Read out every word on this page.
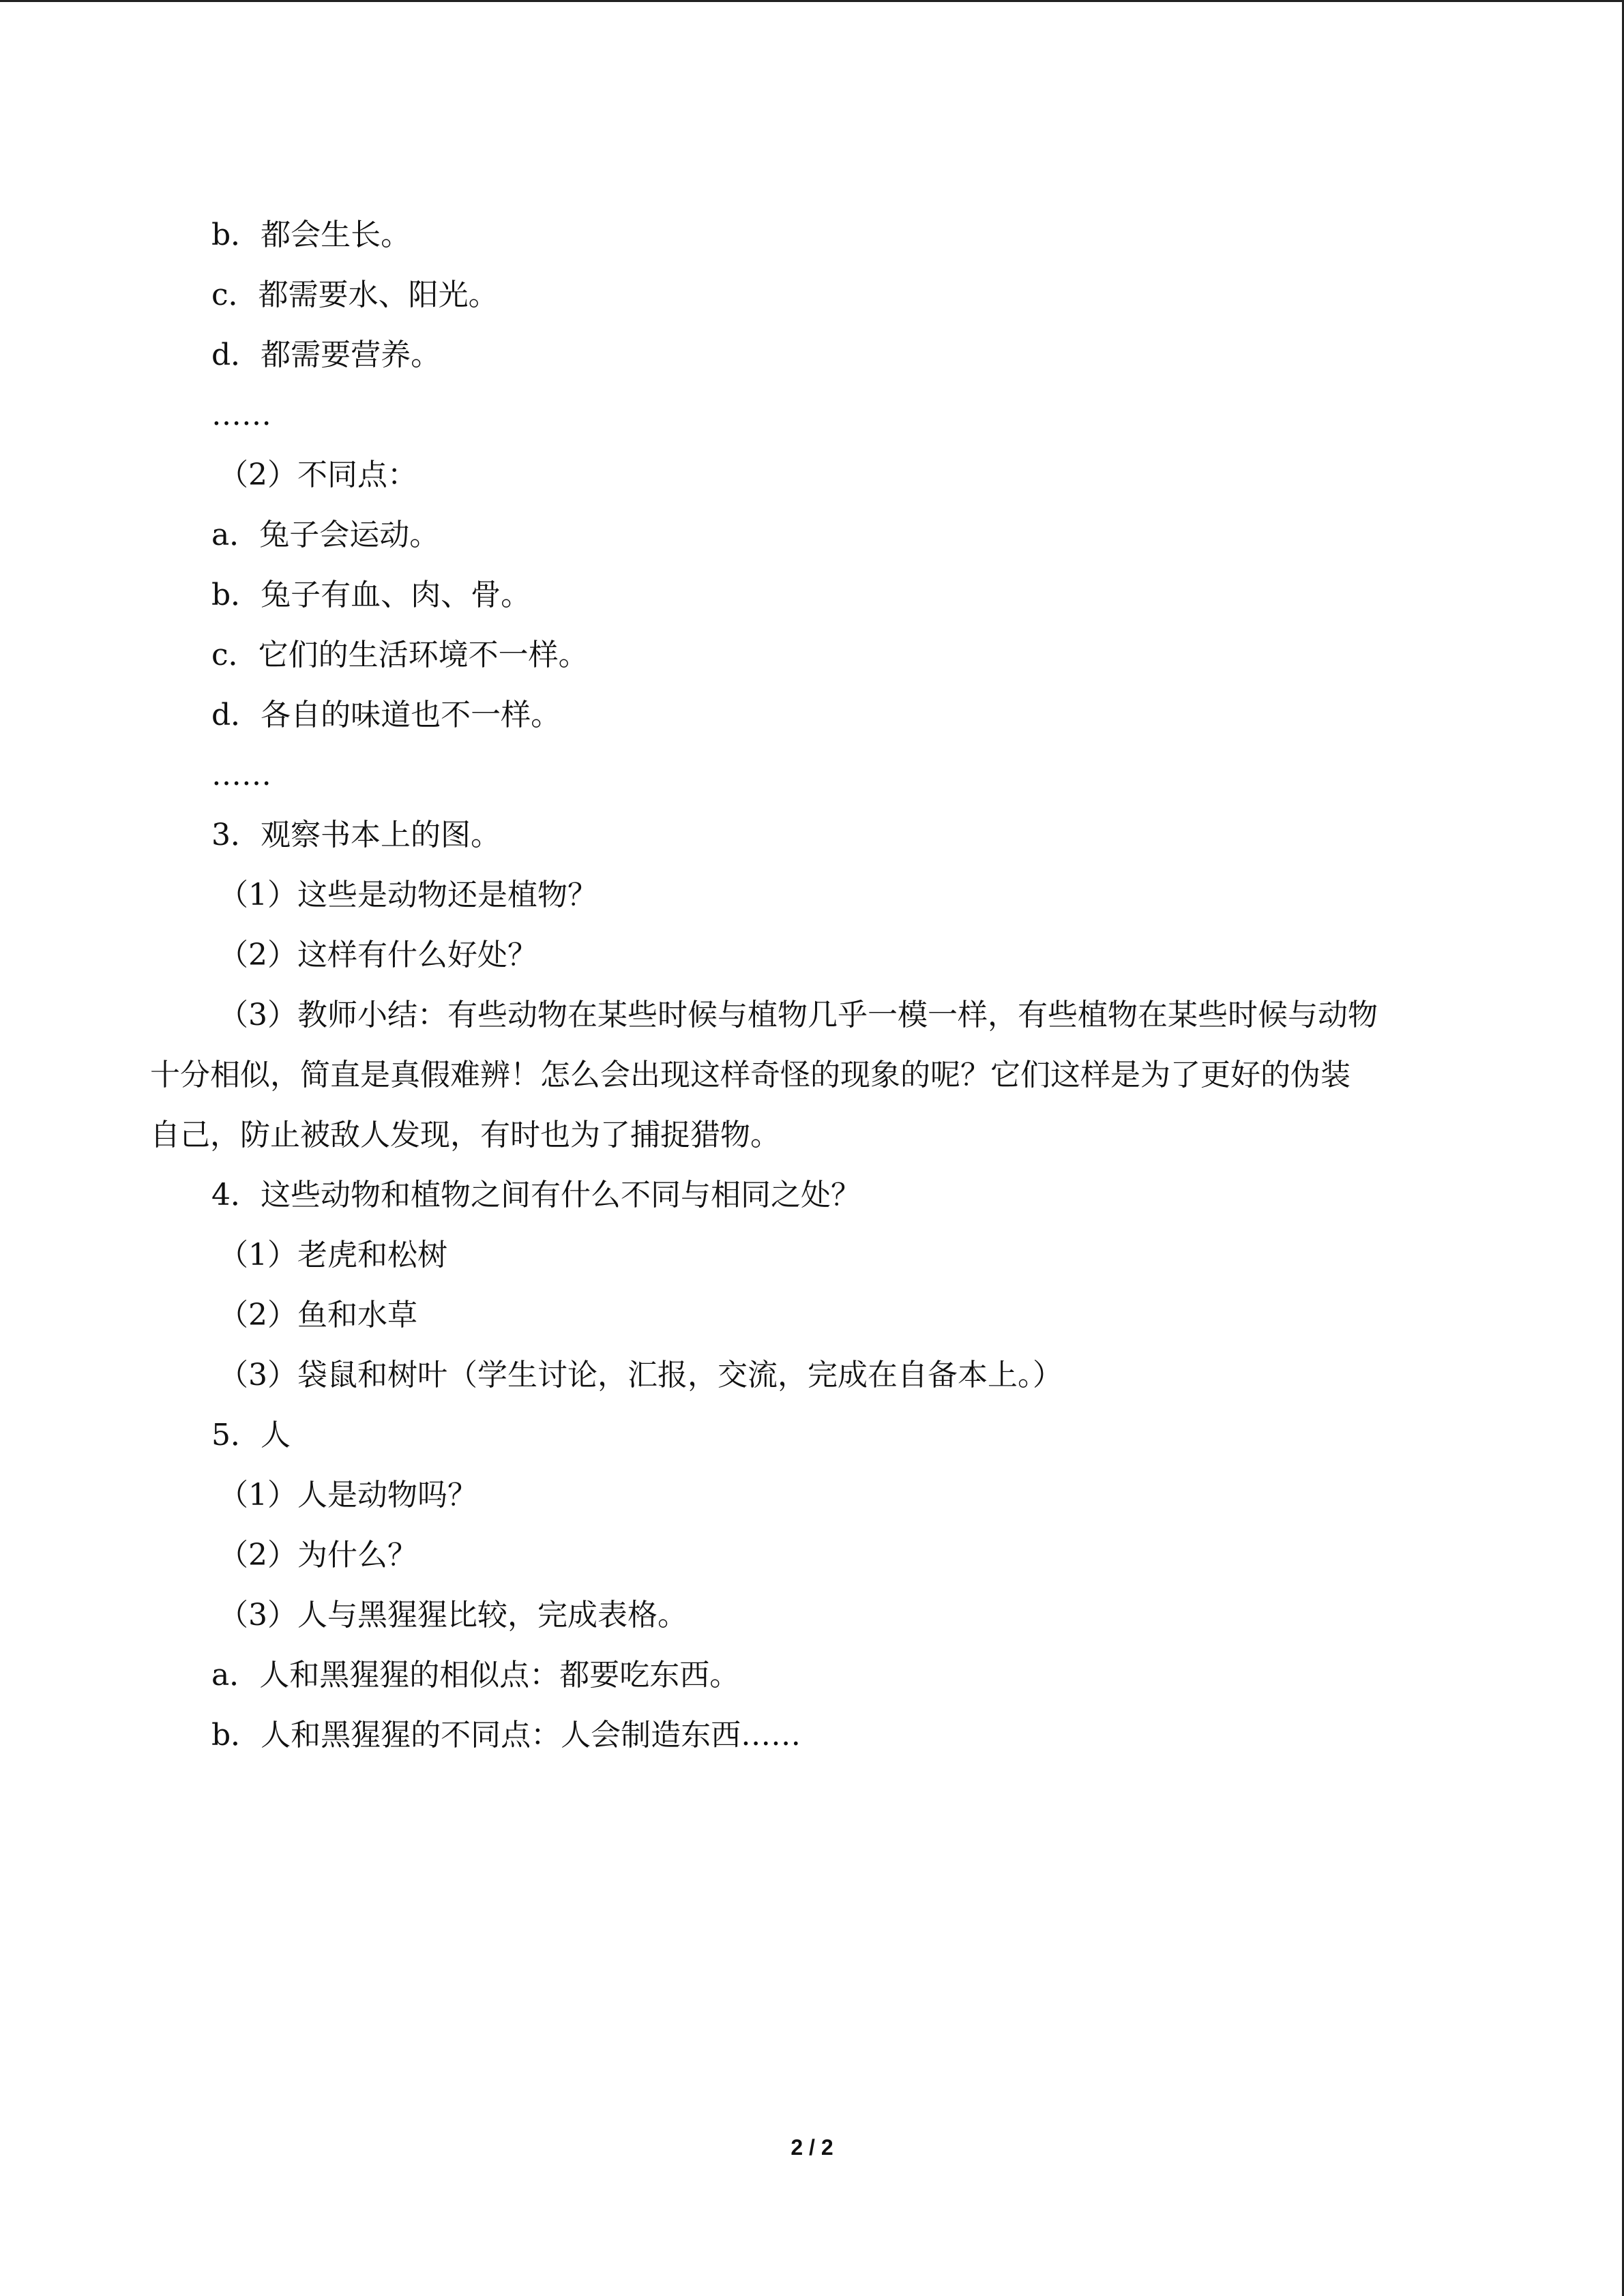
b．都会生长。
c．都需要水、阳光。
d．都需要营养。
……
（2）不同点：
a．兔子会运动。
b．兔子有血、肉、骨。
c．它们的生活环境不一样。
d．各自的味道也不一样。
……
3．观察书本上的图。
（1）这些是动物还是植物？
（2）这样有什么好处？
（3）教师小结：有些动物在某些时候与植物几乎一模一样，有些植物在某些时候与动物
十分相似，简直是真假难辨！怎么会出现这样奇怪的现象的呢？它们这样是为了更好的伪装
自己，防止被敌人发现，有时也为了捕捉猎物。
4．这些动物和植物之间有什么不同与相同之处？
（1）老虎和松树
（2）鱼和水草
（3）袋鼠和树叶（学生讨论，汇报，交流，完成在自备本上。）
5．人
（1）人是动物吗？
（2）为什么？
（3）人与黑猩猩比较，完成表格。
a．人和黑猩猩的相似点：都要吃东西。
b．人和黑猩猩的不同点：人会制造东西……
2 / 2
